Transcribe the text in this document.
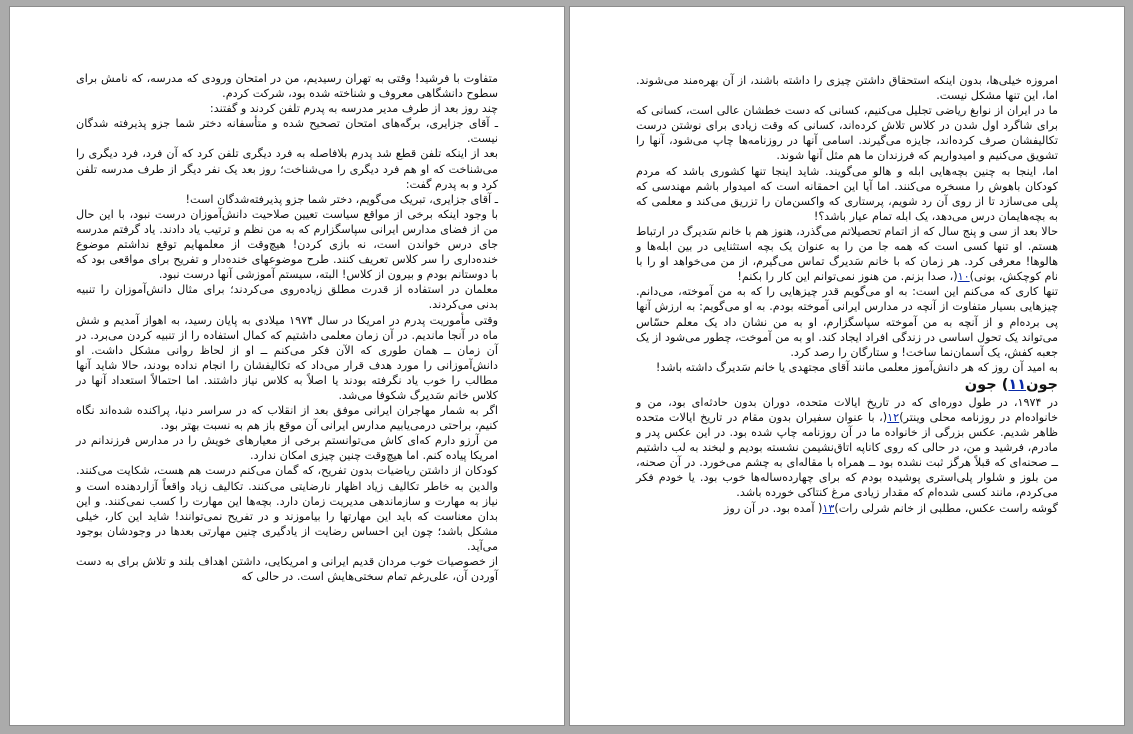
متفاوت با فرشید! وقتی به تهران رسیدیم، من در امتحان ورودی که مدرسه، که نامش برای سطوح دانشگاهی معروف و شناخته شده بود، شرکت کردم.

چند روز بعد از طرف مدیر مدرسه به پدرم تلفن کردند و گفتند:

ـ آقای جزایری، برگه‌های امتحان تصحیح شده و متأسفانه دختر شما جزو پذیرفته شدگان نیست.

بعد از اینکه تلفن قطع شد پدرم بلافاصله به فرد دیگری تلفن کرد که آن فرد، فرد دیگری را می‌شناخت که او هم فرد دیگری را می‌شناخت؛ روز بعد یک نفر دیگر از طرف مدرسه تلفن کرد و به پدرم گفت:

ـ آقای جزایری، تبریک می‌گویم، دختر شما جزو پذیرفته‌شدگان است!

با وجود اینکه برخی از مواقع سیاست تعیین صلاحیت دانش‌آموزان درست نبود، با این حال من از فضای مدارس ایرانی سپاسگزارم که به من نظم و ترتیب یاد دادند. یاد گرفتم مدرسه جای درس خواندن است، نه بازی کردن! هیچ‌وقت از معلمهایم توقع نداشتم موضوع خنده‌داری را سر کلاس تعریف کنند. طرح موضوعهای خنده‌دار و تفریح برای مواقعی بود که با دوستانم بودم و بیرون از کلاس! البته، سیستم آموزشی آنها درست نبود.

معلمان در استفاده از قدرت مطلق زیاده‌روی می‌کردند؛ برای مثال دانش‌آموزان را تنبیه بدنی می‌کردند.

وقتی مأموریت پدرم در امریکا در سال ۱۹۷۴ میلادی به پایان رسید، به اهواز آمدیم و شش ماه در آنجا ماندیم. در آن زمان معلمی داشتیم که کمال استفاده را از تنبیه کردن می‌برد. در آن زمان ــ همان طوری که الآن فکر می‌کنم ــ او از لحاظ روانی مشکل داشت. او دانش‌آموزانی را مورد هدف قرار می‌داد که تکالیفشان را انجام نداده بودند، حالا شاید آنها مطالب را خوب یاد نگرفته بودند یا اصلاً به کلاس نیاز داشتند. اما احتمالاً استعداد آنها در کلاس خانم سَدیرگ شکوفا می‌شد.

اگر به شمار مهاجران ایرانی موفق بعد از انقلاب که در سراسر دنیا، پراکنده شده‌اند نگاه کنیم، براحتی درمی‌یابیم مدارس ایرانی آن موقع باز هم به نسبت بهتر بود.

من آرزو دارم که‌ای کاش می‌توانستم برخی از معیارهای خویش را در مدارس فرزندانم در امریکا پیاده کنم. اما هیچ‌وقت چنین چیزی امکان ندارد.

کودکان از داشتن ریاضیات بدون تفریح، که گمان می‌کنم درست هم هست، شکایت می‌کنند. والدین به خاطر تکالیف زیاد اظهار نارضایتی می‌کنند. تکالیف زیاد واقعاً آزاردهنده است و نیاز به مهارت و سازماندهی مدیریت زمان دارد. بچه‌ها این مهارت را کسب نمی‌کنند. و این بدان معناست که باید این مهارتها را بیاموزند و در تفریح نمی‌توانند! شاید این کار، خیلی مشکل باشد؛ چون این احساس رضایت از یادگیری چنین مهارتی بعدها در وجودشان بوجود می‌آید.

از خصوصیات خوب مردان قدیم ایرانی و امریکایی، داشتن اهداف بلند و تلاش برای به دست آوردن آن، علی‌رغم تمام سختی‌هایش است. در حالی که

امروزه خیلی‌ها، بدون اینکه استحقاق داشتن چیزی را داشته باشند، از آن بهره‌مند می‌شوند. اما، این تنها مشکل نیست.

ما در ایران از نوابغ ریاضی تجلیل می‌کنیم، کسانی که دست خطشان عالی است، کسانی که برای شاگرد اول شدن در کلاس تلاش کرده‌اند، کسانی که وقت زیادی برای نوشتن درست تکالیفشان صرف کرده‌اند، جایزه می‌گیرند. اسامی آنها در روزنامه‌ها چاپ می‌شود، آنها را تشویق می‌کنیم و امیدواریم که فرزندان ما هم مثل آنها شوند.

اما، اینجا به چنین بچه‌هایی ابله و هالو می‌گویند. شاید اینجا تنها کشوری باشد که مردم کودکان باهوش را مسخره می‌کنند. اما آیا این احمقانه است که امیدوار باشم مهندسی که پلی می‌سازد تا از روی آن رد شویم، پرستاری که واکسن‌مان را تزریق می‌کند و معلمی که به بچه‌هایمان درس می‌دهد، یک ابله تمام عیار باشد؟!

حالا بعد از سی و پنج سال که از اتمام تحصیلاتم می‌گذرد، هنوز هم با خانم سَدیرگ در ارتباط هستم. او تنها کسی است که همه جا من را به عنوان یک بچه استثنایی در بین ابله‌ها و هالوها! معرفی کرد. هر زمان که با خانم سَدیرگ تماس می‌گیرم، از من می‌خواهد او را با نام کوچکش، بونی)۱۰(، صدا بزنم. من هنوز نمی‌توانم این کار را بکنم!

تنها کاری که می‌کنم این است: به او می‌گویم قدر چیزهایی را که به من آموخته، می‌دانم. چیزهایی بسیار متفاوت از آنچه در مدارس ایرانی آموخته بودم. به او می‌گویم: به ارزش آنها پی برده‌ام و از آنچه به من آموخته سپاسگزارم، او به من نشان داد یک معلم حسّاس می‌تواند یک تحول اساسی در زندگی افراد ایجاد کند. او به من آموخت، چطور می‌شود از یک جعبه کفش، یک آسمان‌نما ساخت! و ستارگان را رصد کرد.

به امید آن روز که هر دانش‌آموز معلمی مانند آقای مجتهدی یا خانم سَدیرگ داشته باشد!

جون۱۱) جون

در ۱۹۷۴، در طول دوره‌ای که در تاریخ ایالات متحده، دوران بدون حادثه‌ای بود، من و خانواده‌ام در روزنامه محلی وینتر)۱۲(، با عنوان سفیران بدون مقام در تاریخ ایالات متحده ظاهر شدیم. عکس بزرگی از خانواده ما در آن روزنامه چاپ شده بود. در این عکس پدر و مادرم، فرشید و من، در حالی که روی کاناپه اتاق‌نشیمن نشسته بودیم و لبخند به لب داشتیم ــ صحنه‌ای که قبلاً هرگز ثبت نشده بود ــ همراه با مقاله‌ای به چشم می‌خورد. در آن صحنه، من بلوز و شلوار پلی‌استری پوشیده بودم که برای چهارده‌ساله‌ها خوب بود. یا خودم فکر می‌کردم، مانند کسی شده‌ام که مقدار زیادی مرغ کنتاکی خورده باشد.

گوشه راست عکس، مطلبی از خانم شرلی رات)۱۳( آمده بود. در آن روز
